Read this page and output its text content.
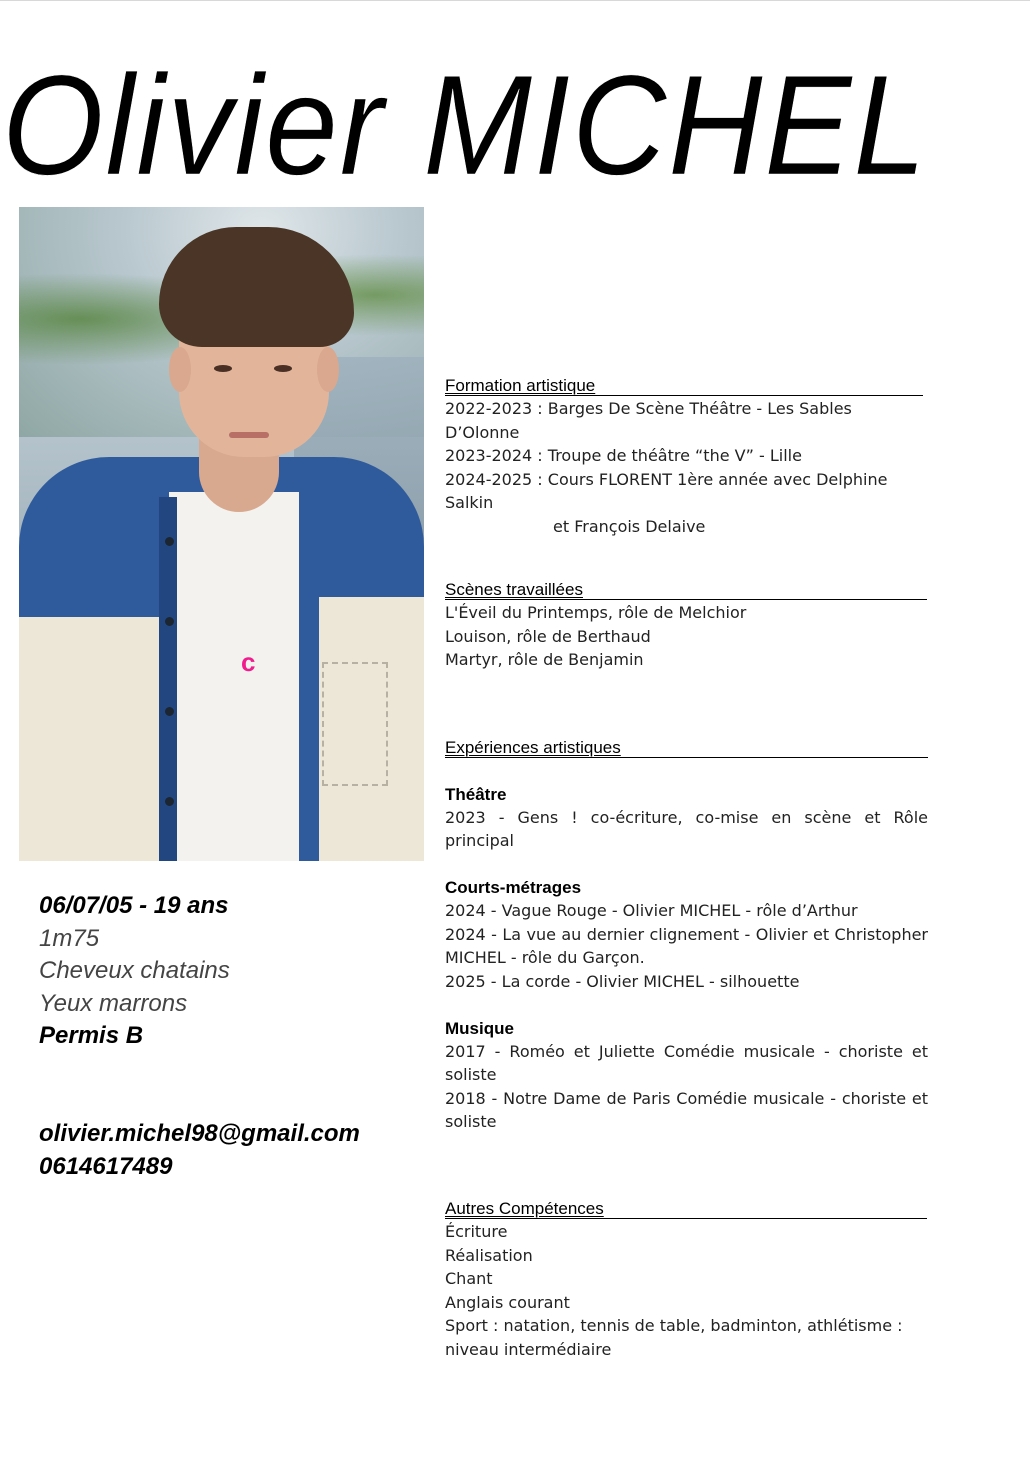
Olivier MICHEL
c
06/07/05 - 19 ans
1m75
Cheveux chatains
Yeux marrons
Permis B
olivier.michel98@gmail.com
0614617489
Formation artistique
2022-2023 : Barges De Scène Théâtre - Les Sables D’Olonne
2023-2024 : Troupe de théâtre “the V” - Lille
2024-2025 : Cours FLORENT 1ère année avec Delphine Salkin
et François Delaive
Scènes travaillées
L'Éveil du Printemps, rôle de Melchior
Louison, rôle de Berthaud
Martyr, rôle de Benjamin
Expériences artistiques
Théâtre
2023 - Gens ! co-écriture, co-mise en scène et Rôle principal
Courts-métrages
2024 - Vague Rouge - Olivier MICHEL - rôle d’Arthur
2024 - La vue au dernier clignement - Olivier et Christopher MICHEL - rôle du Garçon.
2025 - La corde - Olivier MICHEL - silhouette
Musique
2017 - Roméo et Juliette Comédie musicale - choriste et soliste
2018 - Notre Dame de Paris Comédie musicale - choriste et soliste
Autres Compétences
Écriture
Réalisation
Chant
Anglais courant
Sport : natation, tennis de table, badminton, athlétisme : niveau intermédiaire
